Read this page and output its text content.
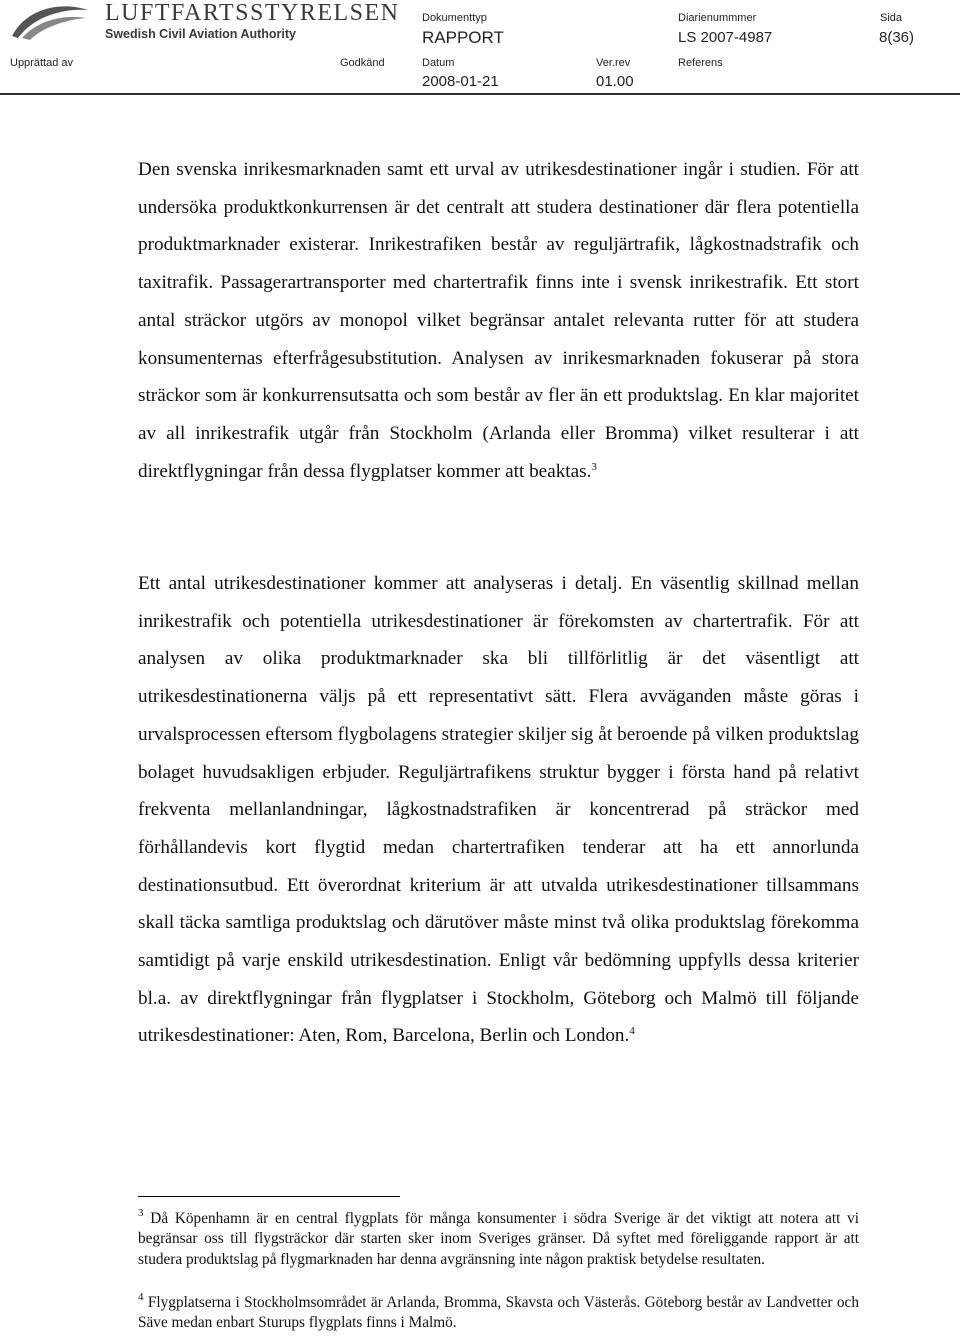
LUFTFARTSSTYRELSEN
Swedish Civil Aviation Authority
Dokumenttyp
RAPPORT
Diarienummmer
LS 2007-4987
Sida
8(36)
Upprättad av	Godkänd	Datum
2008-01-21
Ver.rev
01.00
Referens

Den svenska inrikesmarknaden samt ett urval av utrikesdestinationer ingår i studien. För att undersöka produktkonkurrensen är det centralt att studera destinationer där flera potentiella produktmarknader existerar. Inrikestrafiken består av reguljärtrafik, lågkostnadstrafik och taxitrafik. Passagerartransporter med chartertrafik finns inte i svensk inrikestrafik. Ett stort antal sträckor utgörs av monopol vilket begränsar antalet relevanta rutter för att studera konsumenternas efterfrågesubstitution. Analysen av inrikesmarknaden fokuserar på stora sträckor som är konkurrensutsatta och som består av fler än ett produktslag. En klar majoritet av all inrikestrafik utgår från Stockholm (Arlanda eller Bromma) vilket resulterar i att direktflygningar från dessa flygplatser kommer att beaktas.$^3$

Ett antal utrikesdestinationer kommer att analyseras i detalj. En väsentlig skillnad mellan inrikestrafik och potentiella utrikesdestinationer är förekomsten av chartertrafik. För att analysen av olika produktmarknader ska bli tillförlitlig är det väsentligt att utrikesdestinationerna väljs på ett representativt sätt. Flera avväganden måste göras i urvalsprocessen eftersom flygbolagens strategier skiljer sig åt beroende på vilken produktslag bolaget huvudsakligen erbjuder. Reguljärtrafikens struktur bygger i första hand på relativt frekventa mellanlandningar, lågkostnadstrafiken är koncentrerad på sträckor med förhållandevis kort flygtid medan chartertrafiken tenderar att ha ett annorlunda destinationsutbud. Ett överordnat kriterium är att utvalda utrikesdestinationer tillsammans skall täcka samtliga produktslag och därutöver måste minst två olika produktslag förekomma samtidigt på varje enskild utrikesdestination. Enligt vår bedömning uppfylls dessa kriterier bl.a. av direktflygningar från flygplatser i Stockholm, Göteborg och Malmö till följande utrikesdestinationer: Aten, Rom, Barcelona, Berlin och London.$^4$

$^3$ Då Köpenhamn är en central flygplats för många konsumenter i södra Sverige är det viktigt att notera att vi begränsar oss till flygsträckor där starten sker inom Sveriges gränser. Då syftet med föreliggande rapport är att studera produktslag på flygmarknaden har denna avgränsning inte någon praktisk betydelse resultaten.

$^4$ Flygplatserna i Stockholmsområdet är Arlanda, Bromma, Skavsta och Västerås. Göteborg består av Landvetter och Säve medan enbart Sturups flygplats finns i Malmö.
